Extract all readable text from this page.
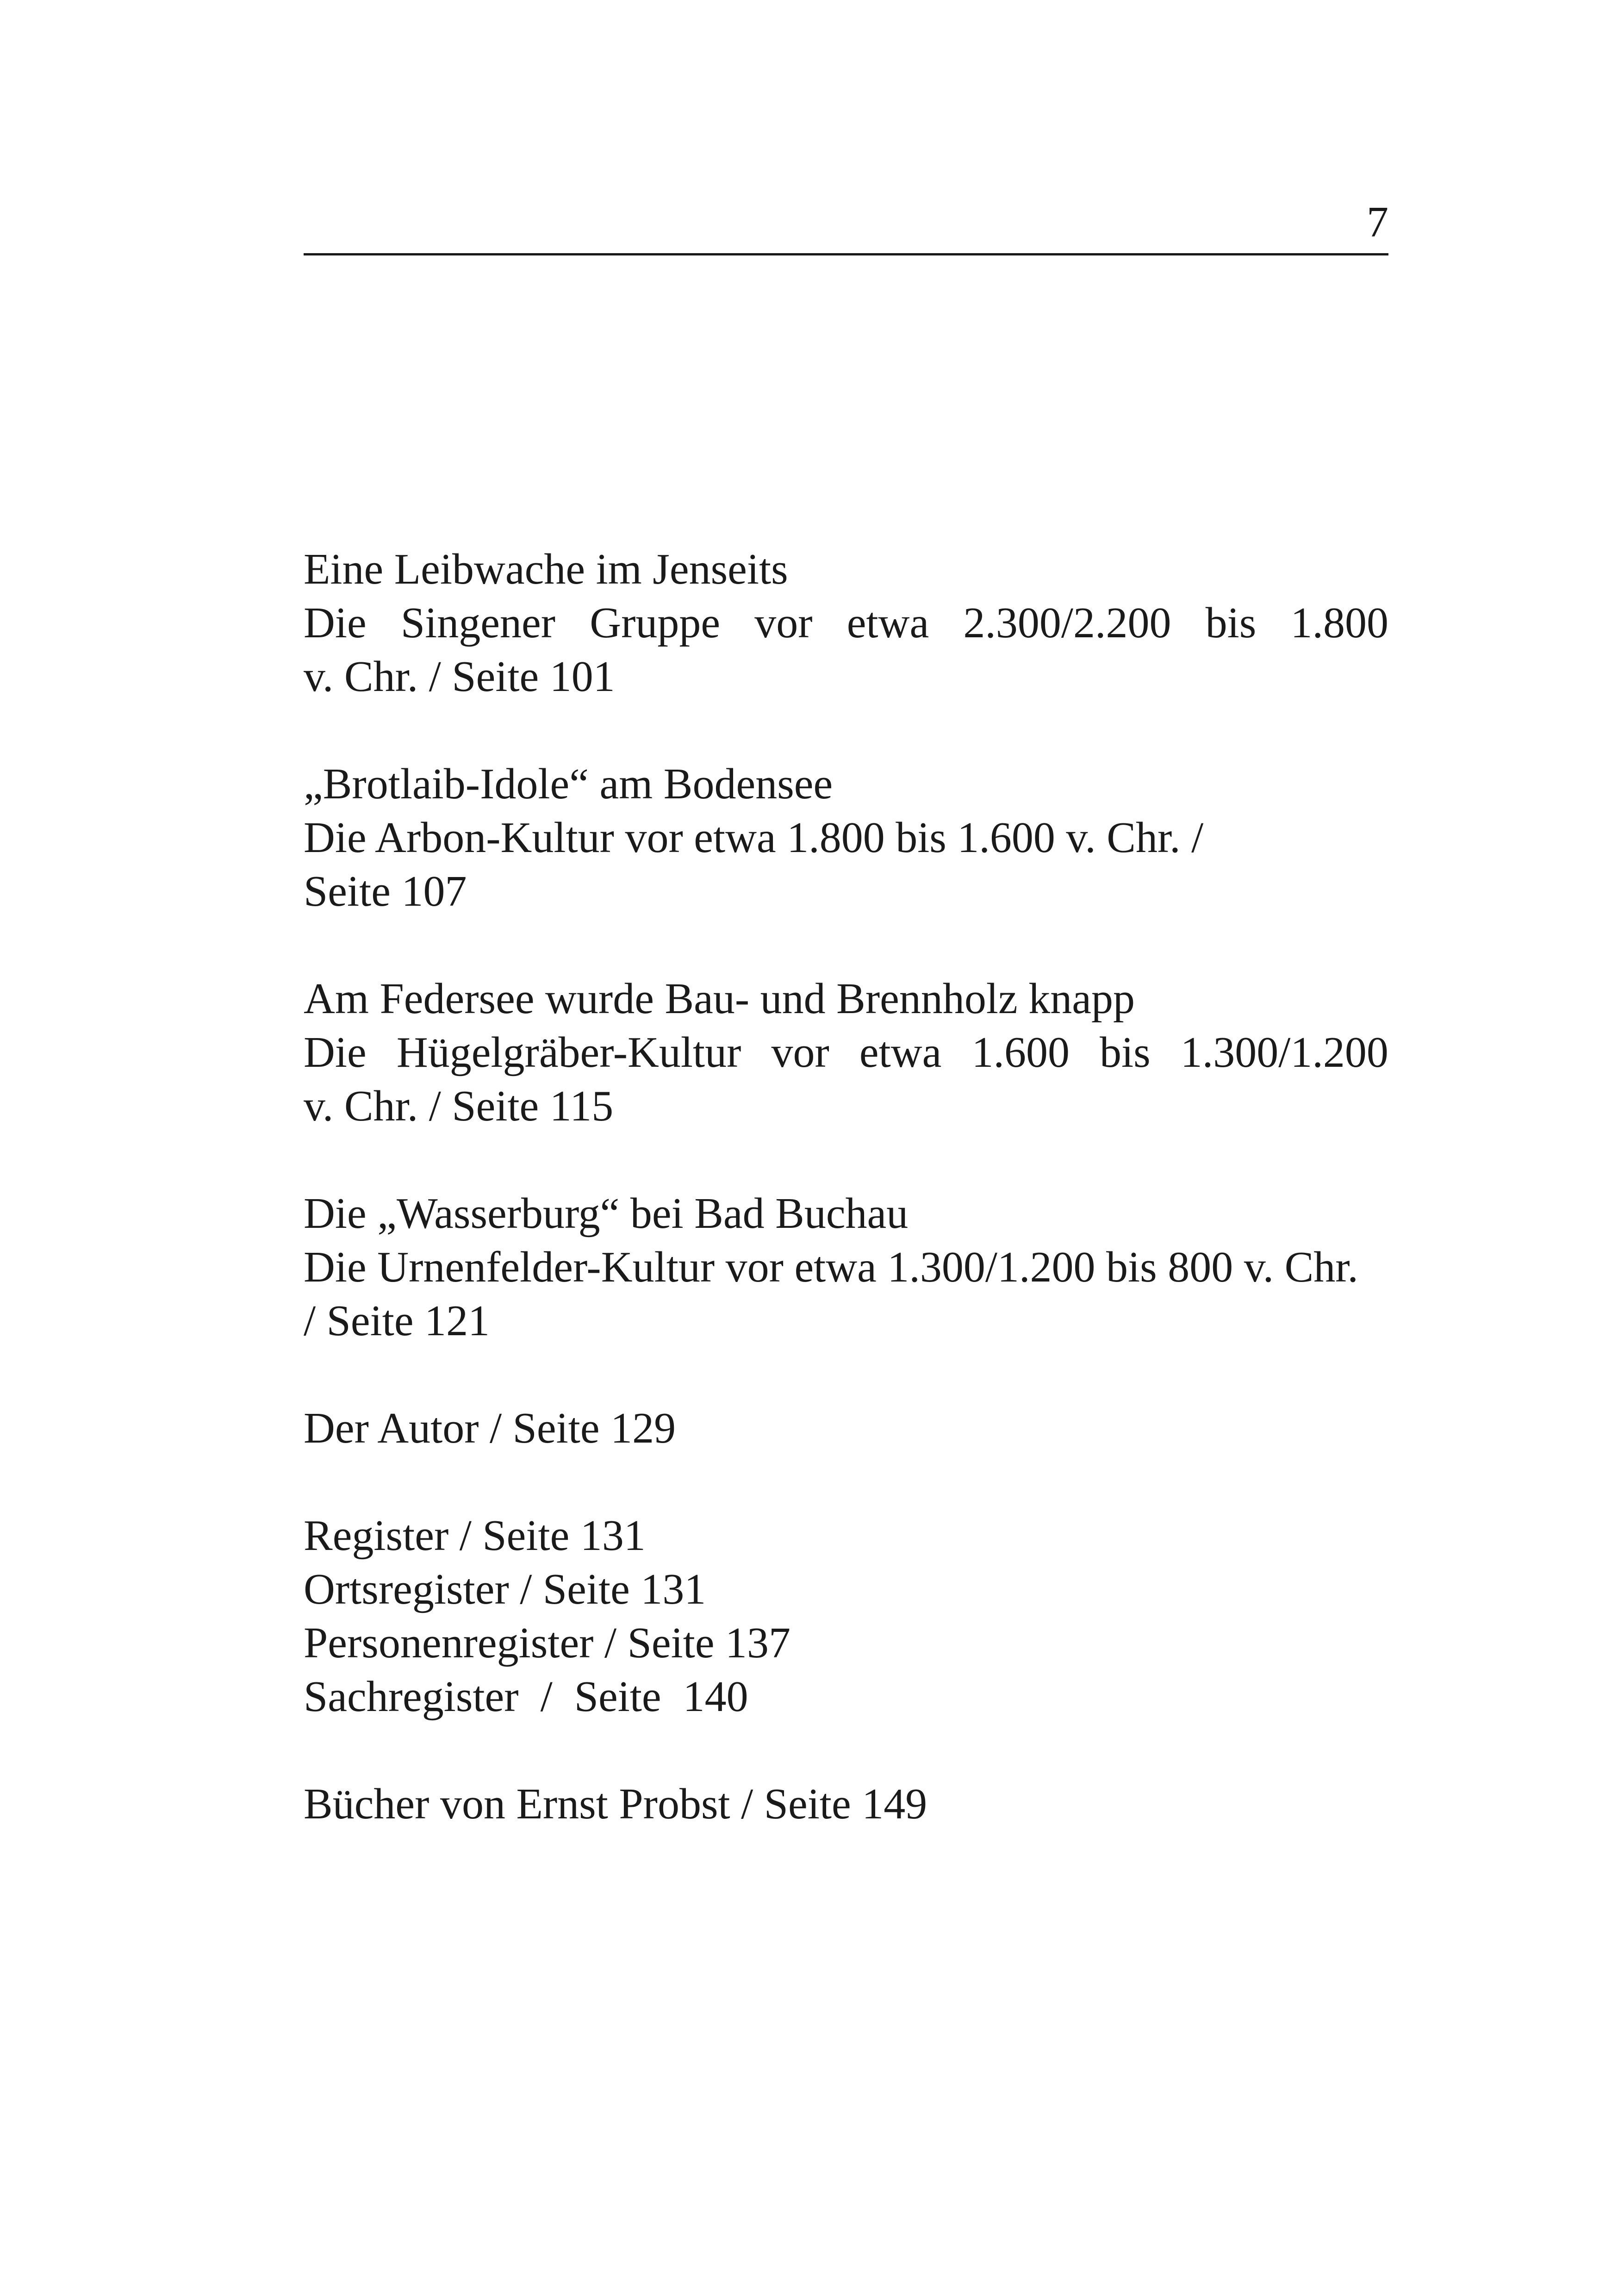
7
Eine Leibwache im Jenseits
Die Singener Gruppe vor etwa 2.300/2.200 bis 1.800
v. Chr. / Seite 101
„Brotlaib-Idole“ am Bodensee
Die Arbon-Kultur vor etwa 1.800 bis 1.600 v. Chr. /
Seite 107
Am Federsee wurde Bau- und Brennholz knapp
Die Hügelgräber-Kultur vor etwa 1.600 bis 1.300/1.200
v. Chr. / Seite 115
Die „Wasserburg“ bei Bad Buchau
Die Urnenfelder-Kultur vor etwa 1.300/1.200 bis 800 v. Chr.
/ Seite 121
Der Autor / Seite 129
Register / Seite 131
Ortsregister / Seite 131
Personenregister / Seite 137
Sachregister  /  Seite  140
Bücher von Ernst Probst / Seite 149
